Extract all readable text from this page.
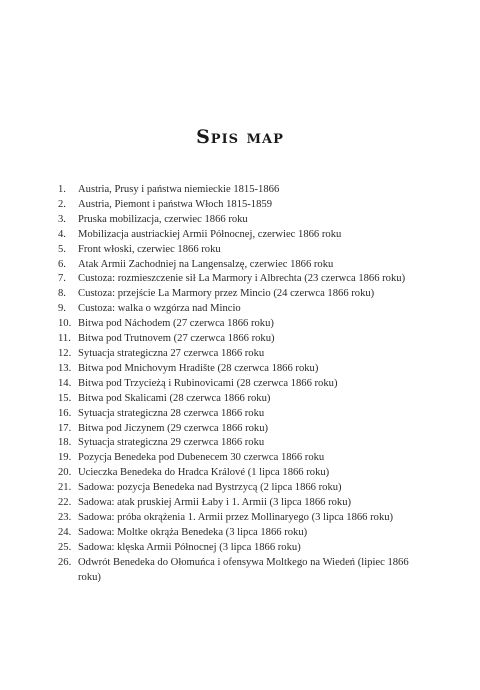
Spis map
1.	Austria, Prusy i państwa niemieckie 1815-1866
2.	Austria, Piemont i państwa Włoch 1815-1859
3.	Pruska mobilizacja, czerwiec 1866 roku
4.	Mobilizacja austriackiej Armii Północnej, czerwiec 1866 roku
5.	Front włoski, czerwiec 1866 roku
6.	Atak Armii Zachodniej na Langensalzę, czerwiec 1866 roku
7.	Custoza: rozmieszczenie sił La Marmory i Albrechta (23 czerwca 1866 roku)
8.	Custoza: przejście La Marmory przez Mincio (24 czerwca 1866 roku)
9.	Custoza: walka o wzgórza nad Mincio
10. Bitwa pod Náchodem (27 czerwca 1866 roku)
11. Bitwa pod Trutnovem (27 czerwca 1866 roku)
12. Sytuacja strategiczna 27 czerwca 1866 roku
13. Bitwa pod Mnichovym Hradište (28 czerwca 1866 roku)
14. Bitwa pod Trzycieżą i Rubinovicami (28 czerwca 1866 roku)
15. Bitwa pod Skalicami (28 czerwca 1866 roku)
16. Sytuacja strategiczna 28 czerwca 1866 roku
17. Bitwa pod Jiczynem (29 czerwca 1866 roku)
18. Sytuacja strategiczna 29 czerwca 1866 roku
19. Pozycja Benedeka pod Dubenecem 30 czerwca 1866 roku
20. Ucieczka Benedeka do Hradca Králové (1 lipca 1866 roku)
21. Sadowa: pozycja Benedeka nad Bystrzycą (2 lipca 1866 roku)
22. Sadowa: atak pruskiej Armii Łaby i 1. Armii (3 lipca 1866 roku)
23. Sadowa: próba okrążenia 1. Armii przez Mollinaryego (3 lipca 1866 roku)
24. Sadowa: Moltke okrąża Benedeka (3 lipca 1866 roku)
25. Sadowa: klęska Armii Północnej (3 lipca 1866 roku)
26. Odwrót Benedeka do Ołomuńca i ofensywa Moltkego na Wiedeń (lipiec 1866 roku)
